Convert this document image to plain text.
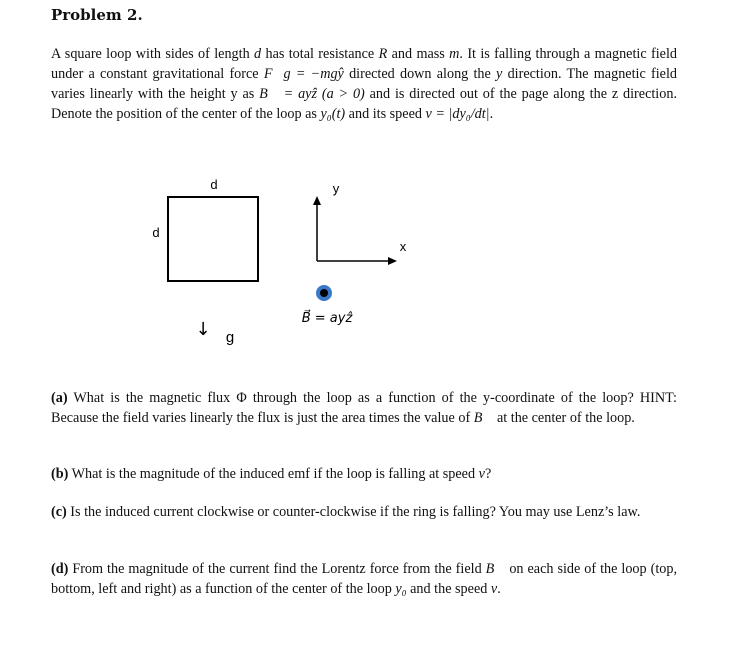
Problem 2.
A square loop with sides of length d has total resistance R and mass m. It is falling through a magnetic field under a constant gravitational force F⃗g = −mgŷ directed down along the y direction. The magnetic field varies linearly with the height y as B⃗ = ayẑ (a > 0) and is directed out of the page along the z direction. Denote the position of the center of the loop as y₀(t) and its speed v = |dy₀/dt|.
d
d
y
x
B⃗ = ayẑ
↓ g
(a) What is the magnetic flux Φ through the loop as a function of the y-coordinate of the loop? HINT: Because the field varies linearly the flux is just the area times the value of B⃗ at the center of the loop.
(b) What is the magnitude of the induced emf if the loop is falling at speed v?
(c) Is the induced current clockwise or counter-clockwise if the ring is falling? You may use Lenz’s law.
(d) From the magnitude of the current find the Lorentz force from the field B⃗ on each side of the loop (top, bottom, left and right) as a function of the center of the loop y₀ and the speed v.
